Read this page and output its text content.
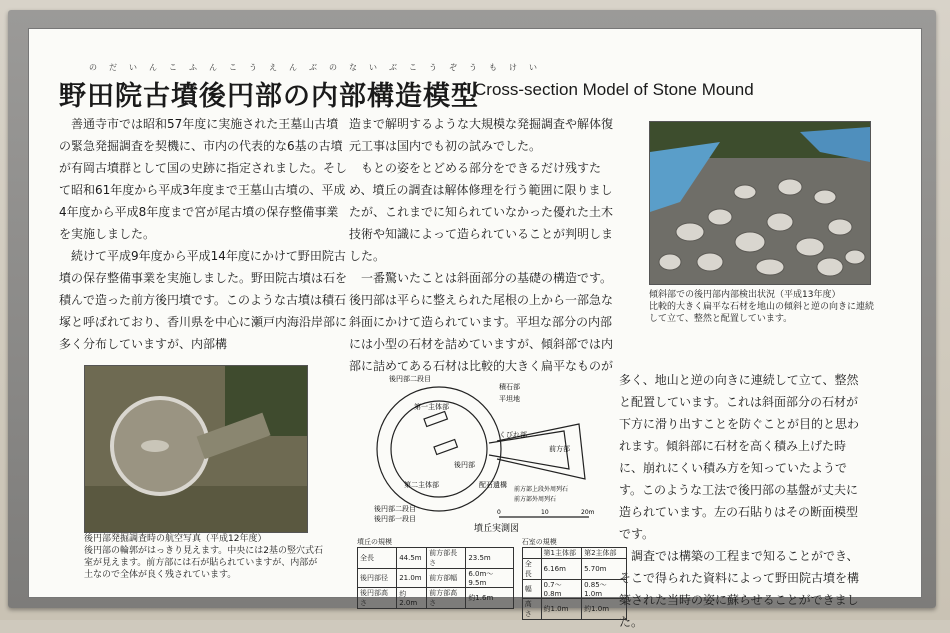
のだいんこふんこうえんぶのないぶこうぞうもけい
野田院古墳後円部の内部構造模型
Cross-section Model of Stone Mound

善通寺市では昭和57年度に実施された王墓山古墳の緊急発掘調査を契機に、市内の代表的な6基の古墳が有岡古墳群として国の史跡に指定されました。そして昭和61年度から平成3年度まで王墓山古墳の、平成4年度から平成8年度まで宮が尾古墳の保存整備事業を実施しました。

続けて平成9年度から平成14年度にかけて野田院古墳の保存整備事業を実施しました。野田院古墳は石を積んで造った前方後円墳です。このような古墳は積石塚と呼ばれており、香川県を中心に瀬戸内海沿岸部に多く分布していますが、内部構

造まで解明するような大規模な発掘調査や解体復元工事は国内でも初の試みでした。

もとの姿をとどめる部分をできるだけ残すため、墳丘の調査は解体修理を行う範囲に限りましたが、これまでに知られていなかった優れた土木技術や知識によって造られていることが判明しました。

一番驚いたことは斜面部分の基礎の構造です。後円部は平らに整えられた尾根の上から一部急な斜面にかけて造られています。平坦な部分の内部には小型の石材を詰めていますが、傾斜部では内部に詰めてある石材は比較的大きく扁平なものが

多く、地山と逆の向きに連続して立て、整然と配置しています。これは斜面部分の石材が下方に滑り出すことを防ぐことが目的と思われます。傾斜部に石材を高く積み上げた時に、崩れにくい積み方を知っていたようです。このような工法で後円部の基盤が丈夫に造られています。左の石貼りはその断面模型です。

調査では構築の工程まで知ることができ、そこで得られた資料によって野田院古墳を構築された当時の姿に蘇らせることができました。

傾斜部での後円部内部検出状況（平成13年度）
比較的大きく扁平な石材を地山の傾斜と逆の向きに連続して立て、整然と配置しています。
後円部発掘調査時の航空写真（平成12年度）
後円部の輪郭がはっきり見えます。中央には2基の竪穴式石室が見えます。前方部には石が貼られていますが、内部が土なので全体が良く残されています。
後円部二段目
第一主体部
第二主体部
くびれ部
前方部
後円部
平坦地
積石部
配石遺構
前方部上段外周列石
前方部外周列石
後円部二段目
後円部一段目
0	10	20m
墳丘実測図
墳丘の規模
全長	44.5m	前方部長さ	23.5m
後円部径	21.0m	前方部幅	6.0m〜9.5m
後円部高さ	約2.0m	前方部高さ	約1.6m
石室の規模
	第1主体部	第2主体部
全長	6.16m	5.70m
幅	0.7〜0.8m	0.85〜1.0m
高さ	約1.0m	約1.0m
